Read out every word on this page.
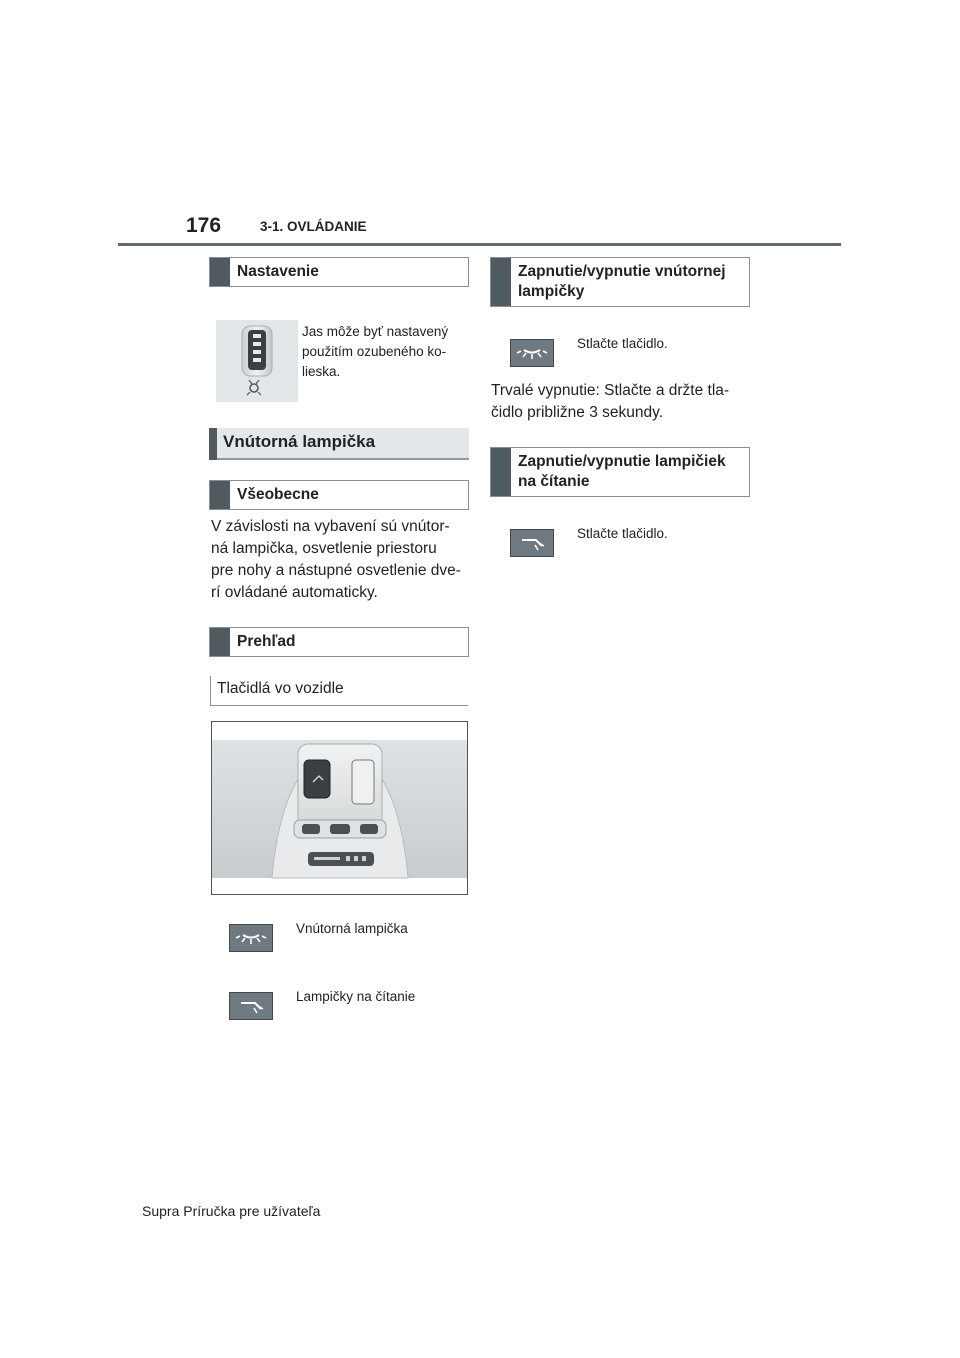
176	3-1. OVLÁDANIE
Nastavenie
Jas môže byť nastavený
použitím ozubeného ko-
lieska.
Vnútorná lampička
Všeobecne
V závislosti na vybavení sú vnútor-
ná lampička, osvetlenie priestoru
pre nohy a nástupné osvetlenie dve-
rí ovládané automaticky.
Prehľad
Tlačidlá vo vozidle
Vnútorná lampička
Lampičky na čítanie
Zapnutie/vypnutie vnútornej
lampičky
Stlačte tlačidlo.
Trvalé vypnutie: Stlačte a držte tla-
čidlo približne 3 sekundy.
Zapnutie/vypnutie lampičiek
na čítanie
Stlačte tlačidlo.
Supra Príručka pre užívateľa
